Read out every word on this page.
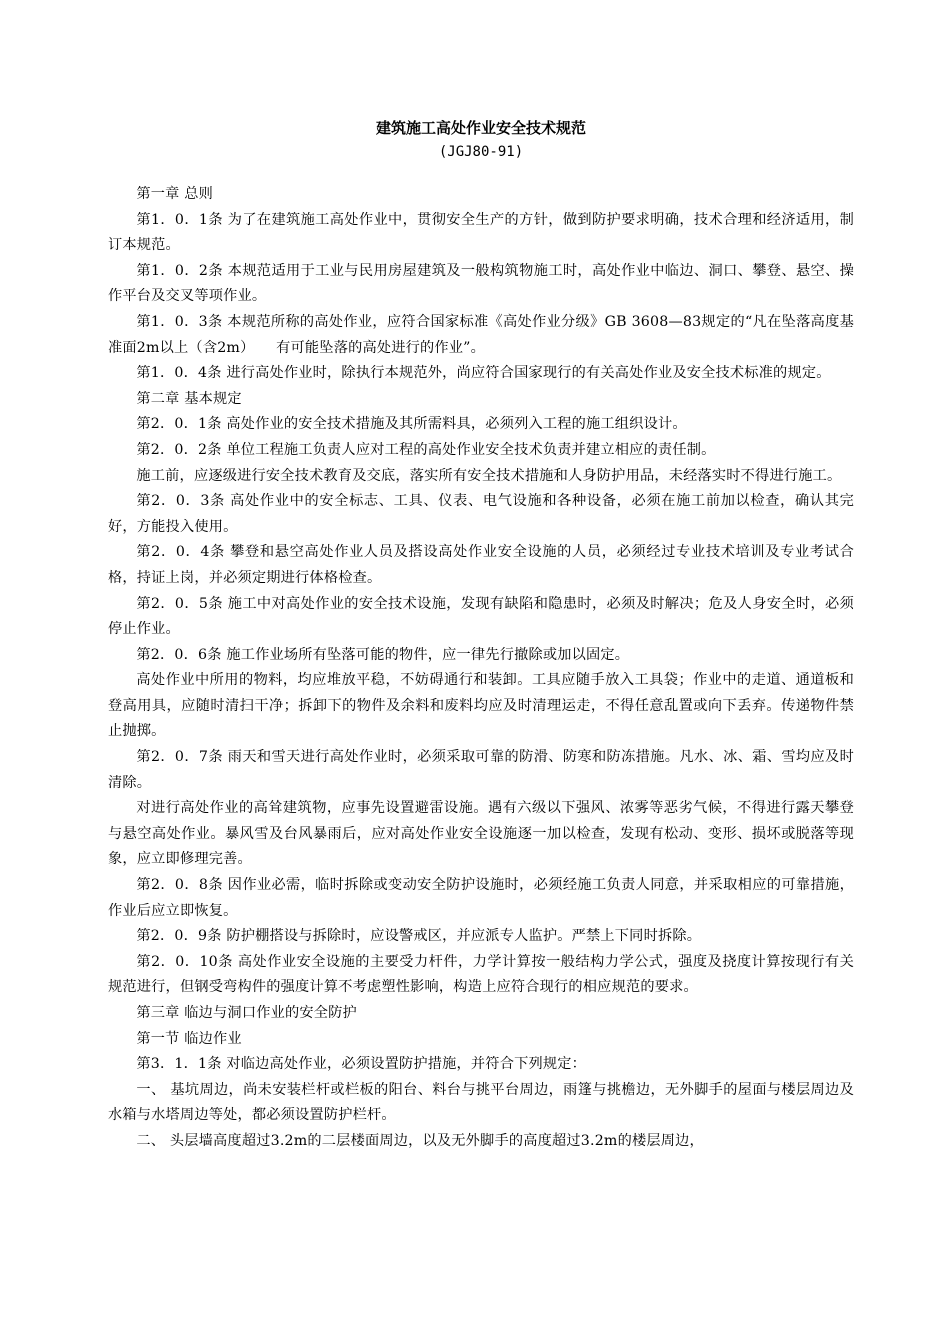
建筑施工高处作业安全技术规范
(JGJ80-91)

第一章 总则

第1．0．1条 为了在建筑施工高处作业中，贯彻安全生产的方针，做到防护要求明确，技术合理和经济适用，制订本规范。

第1．0．2条 本规范适用于工业与民用房屋建筑及一般构筑物施工时，高处作业中临边、洞口、攀登、悬空、操作平台及交叉等项作业。

第1．0．3条 本规范所称的高处作业，应符合国家标准《高处作业分级》GB 3608—83规定的“凡在坠落高度基准面2m以上（含2m）　　有可能坠落的高处进行的作业”。

第1．0．4条 进行高处作业时，除执行本规范外，尚应符合国家现行的有关高处作业及安全技术标准的规定。

第二章 基本规定

第2．0．1条 高处作业的安全技术措施及其所需料具，必须列入工程的施工组织设计。

第2．0．2条 单位工程施工负责人应对工程的高处作业安全技术负责并建立相应的责任制。

施工前，应逐级进行安全技术教育及交底，落实所有安全技术措施和人身防护用品，未经落实时不得进行施工。

第2．0．3条 高处作业中的安全标志、工具、仪表、电气设施和各种设备，必须在施工前加以检查，确认其完好，方能投入使用。

第2．0．4条 攀登和悬空高处作业人员及搭设高处作业安全设施的人员，必须经过专业技术培训及专业考试合格，持证上岗，并必须定期进行体格检查。

第2．0．5条 施工中对高处作业的安全技术设施，发现有缺陷和隐患时，必须及时解决；危及人身安全时，必须停止作业。

第2．0．6条 施工作业场所有坠落可能的物件，应一律先行撤除或加以固定。

高处作业中所用的物料，均应堆放平稳，不妨碍通行和装卸。工具应随手放入工具袋；作业中的走道、通道板和登高用具，应随时清扫干净；拆卸下的物件及余料和废料均应及时清理运走，不得任意乱置或向下丢弃。传递物件禁止抛掷。

第2．0．7条 雨天和雪天进行高处作业时，必须采取可靠的防滑、防寒和防冻措施。凡水、冰、霜、雪均应及时清除。

对进行高处作业的高耸建筑物，应事先设置避雷设施。遇有六级以下强风、浓雾等恶劣气候，不得进行露天攀登与悬空高处作业。暴风雪及台风暴雨后，应对高处作业安全设施逐一加以检查，发现有松动、变形、损坏或脱落等现象，应立即修理完善。

第2．0．8条 因作业必需，临时拆除或变动安全防护设施时，必须经施工负责人同意，并采取相应的可靠措施，作业后应立即恢复。

第2．0．9条 防护棚搭设与拆除时，应设警戒区，并应派专人监护。严禁上下同时拆除。

第2．0．10条 高处作业安全设施的主要受力杆件，力学计算按一般结构力学公式，强度及挠度计算按现行有关规范进行，但钢受弯构件的强度计算不考虑塑性影响，构造上应符合现行的相应规范的要求。

第三章 临边与洞口作业的安全防护

第一节 临边作业

第3．1．1条 对临边高处作业，必须设置防护措施，并符合下列规定：

一、 基坑周边，尚未安装栏杆或栏板的阳台、料台与挑平台周边，雨篷与挑檐边，无外脚手的屋面与楼层周边及水箱与水塔周边等处，都必须设置防护栏杆。

二、 头层墙高度超过3.2m的二层楼面周边，以及无外脚手的高度超过3.2m的楼层周边，
